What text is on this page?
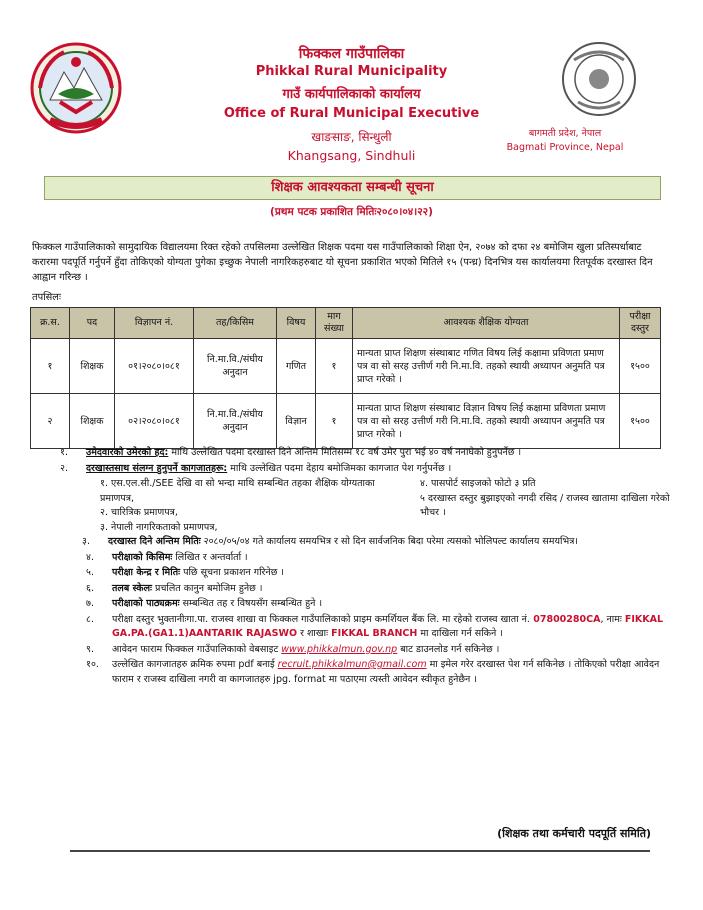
फिक्कल गाउँपालिका
Phikkal Rural Municipality
गाउँ कार्यपालिकाको कार्यालय
Office of Rural Municipal Executive
खाङसाङ, सिन्धुली
Khangsang, Sindhuli
बागमती प्रदेश, नेपाल
Bagmati Province, Nepal
शिक्षक आवश्यकता सम्बन्धी सूचना
(प्रथम पटक प्रकाशित मितिः२०८०।०४।२२)
फिक्कल गाउँपालिकाको सामुदायिक विद्यालयमा रिक्त रहेको तपसिलमा उल्लेखित शिक्षक पदमा यस गाउँपालिकाको शिक्षा ऐन, २०७४ को दफा २४ बमोजिम खुला प्रतिस्पर्धाबाट करारमा पदपूर्ति गर्नुपर्ने हुँदा तोकिएको योग्यता पुगेका इच्छुक नेपाली नागरिकहरुबाट यो सूचना प्रकाशित भएको मितिले १५ (पन्ध्र) दिनभित्र यस कार्यालयमा रितपूर्वक दरखास्त दिन आह्वान गरिन्छ ।
तपसिलः
क्र.स.	पद	विज्ञापन नं.	तह/किसिम	विषय	माग संख्या	आवश्यक शैक्षिक योग्यता	परीक्षा दस्तुर
१	शिक्षक	०१।२०८०।०८१	नि.मा.वि./संघीय अनुदान	गणित	१	मान्यता प्राप्त शिक्षण संस्थाबाट गणित विषय लिई कक्षामा प्रविणता प्रमाण पत्र वा सो सरह उत्तीर्ण गरी नि.मा.वि. तहको स्थायी अध्यापन अनुमति पत्र प्राप्त गरेको ।	१५००
२	शिक्षक	०२।२०८०।०८१	नि.मा.वि./संघीय अनुदान	विज्ञान	१	मान्यता प्राप्त शिक्षण संस्थाबाट विज्ञान विषय लिई कक्षामा प्रविणता प्रमाण पत्र वा सो सरह उत्तीर्ण गरी नि.मा.वि. तहको स्थायी अध्यापन अनुमति पत्र प्राप्त गरेको ।	१५००
१.	उमेदवारको उमेरको हद: माथि उल्लेखित पदमा दरखास्त दिने अन्तिम मितिसम्म १८ वर्ष उमेर पुरा भई ४० वर्ष ननाघेको हुनुपर्नेछ ।
२.	दरखास्तसाथ संलग्न हुनुपर्ने कागजातहरू: माथि उल्लेखित पदमा देहाय बमोजिमका कागजात पेश गर्नुपर्नेछ ।
१. एस.एल.सी./SEE देखि वा सो भन्दा माथि सम्बन्धित तहका शैक्षिक योग्यताका प्रमाणपत्र,
२. चारित्रिक प्रमाणपत्र,
३. नेपाली नागरिकताको प्रमाणपत्र,
४. पासपोर्ट साइजको फोटो ३ प्रति
५ दरखास्त दस्तुर बुझाइएको नगदी रसिद / राजस्व खातामा दाखिला गरेको भौचर ।
३.	दरखास्त दिने अन्तिम मितिः २०८०/०५/०४ गते कार्यालय समयभित्र र सो दिन सार्वजनिक बिदा परेमा त्यसको भोलिपल्ट कार्यालय समयभित्र।
४.	परीक्षाको किसिमः लिखित र अन्तर्वार्ता ।
५.	परीक्षा केन्द्र र मितिः पछि सूचना प्रकाशन गरिनेछ ।
६.	तलब स्केलः प्रचलित कानुन बमोजिम हुनेछ ।
७.	परीक्षाको पाठ्यक्रमः सम्बन्धित तह र विषयसँग सम्बन्धित हुने ।
८.	परीक्षा दस्तुर भुक्तानीःगा.पा. राजस्व शाखा वा फिक्कल गाउँपालिकाको प्राइम कमर्शियल बैंक लि. मा रहेको राजस्व खाता नं. 07800280CA, नामः FIKKAL GA.PA.(GA1.1)AANTARIK RAJASWO र शाखाः FIKKAL BRANCH मा दाखिला गर्न सकिने ।
९.	आवेदन फाराम फिक्कल गाउँपालिकाको वेबसाइट www.phikkalmun.gov.np बाट डाउनलोड गर्न सकिनेछ ।
१०.	उल्लेखित कागजातहरु क्रमिक रुपमा pdf बनाई recruit.phikkalmun@gmail.com मा इमेल गरेर दरखास्त पेश गर्न सकिनेछ । तोकिएको परीक्षा आवेदन फाराम र राजस्व दाखिला नगरी वा कागजातहरु jpg. format मा पठाएमा त्यस्ती आवेदन स्वीकृत हुनेछैन ।
(शिक्षक तथा कर्मचारी पदपूर्ति समिति)
